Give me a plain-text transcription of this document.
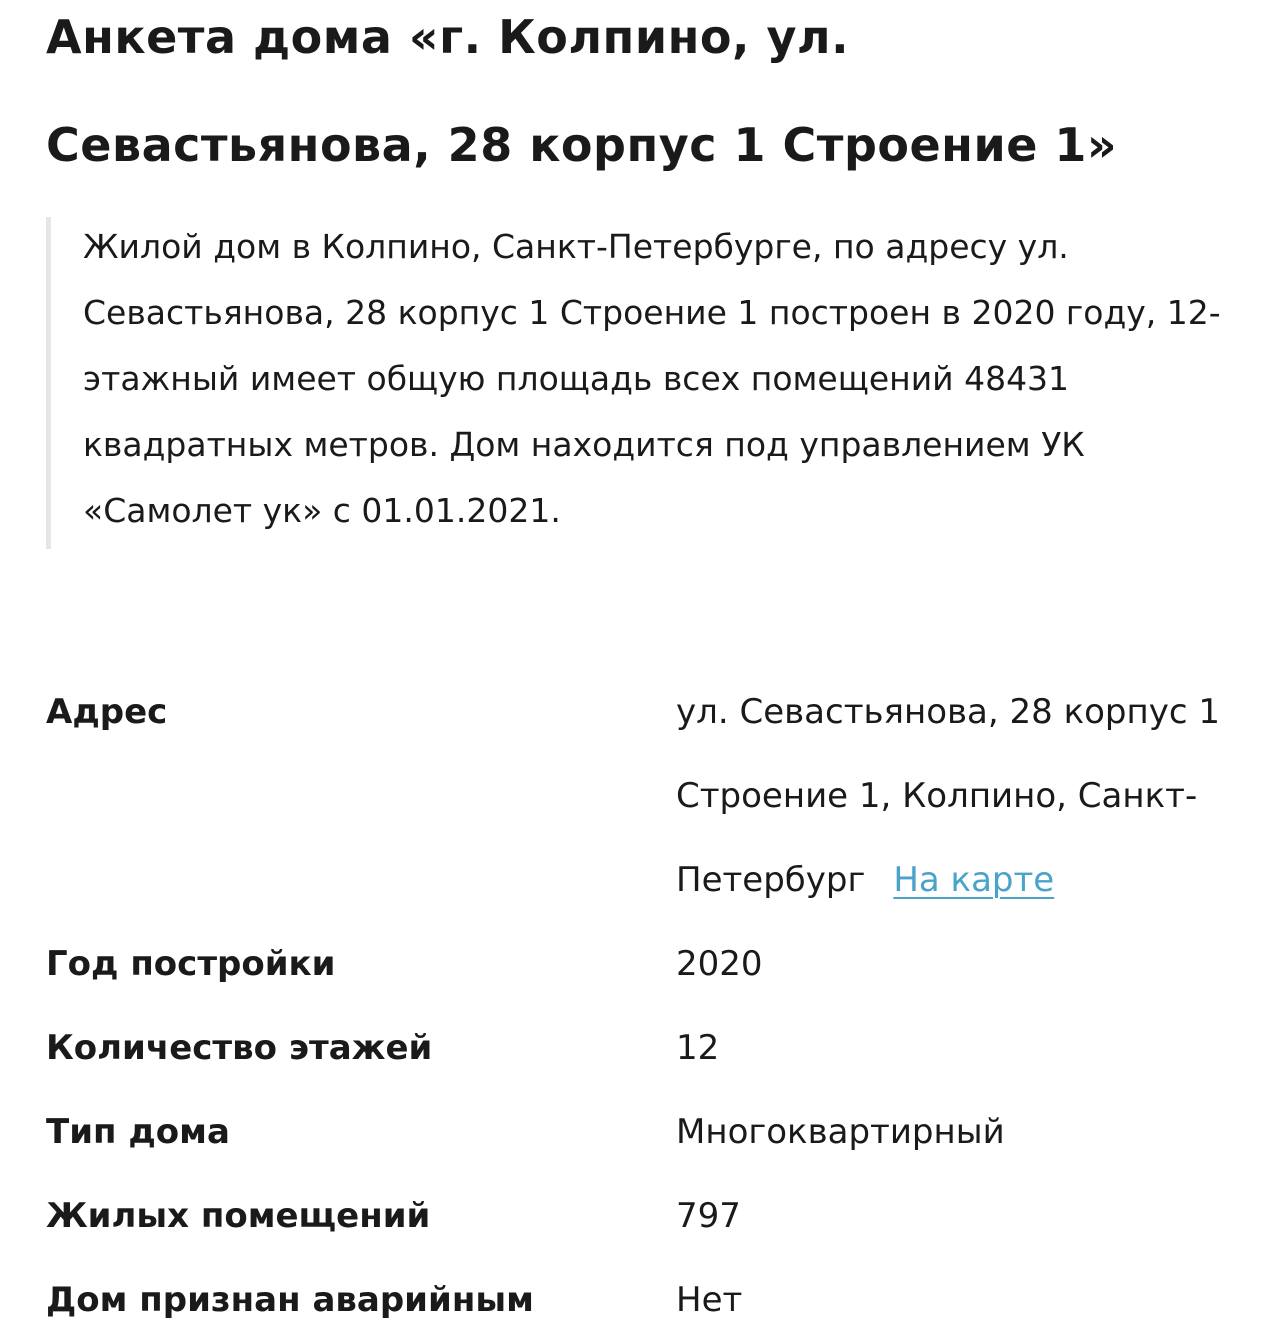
Анкета дома «г. Колпино, ул. Севастьянова, 28 корпус 1 Строение 1»

Жилой дом в Колпино, Санкт-Петербурге, по адресу ул. Севастьянова, 28 корпус 1 Строение 1 построен в 2020 году, 12-этажный имеет общую площадь всех помещений 48431 квадратных метров. Дом находится под управлением УК «Самолет ук» с 01.01.2021.

Адрес	ул. Севастьянова, 28 корпус 1 Строение 1, Колпино, Санкт-Петербург На карте
Год постройки	2020
Количество этажей	12
Тип дома	Многоквартирный
Жилых помещений	797
Дом признан аварийным	Нет
